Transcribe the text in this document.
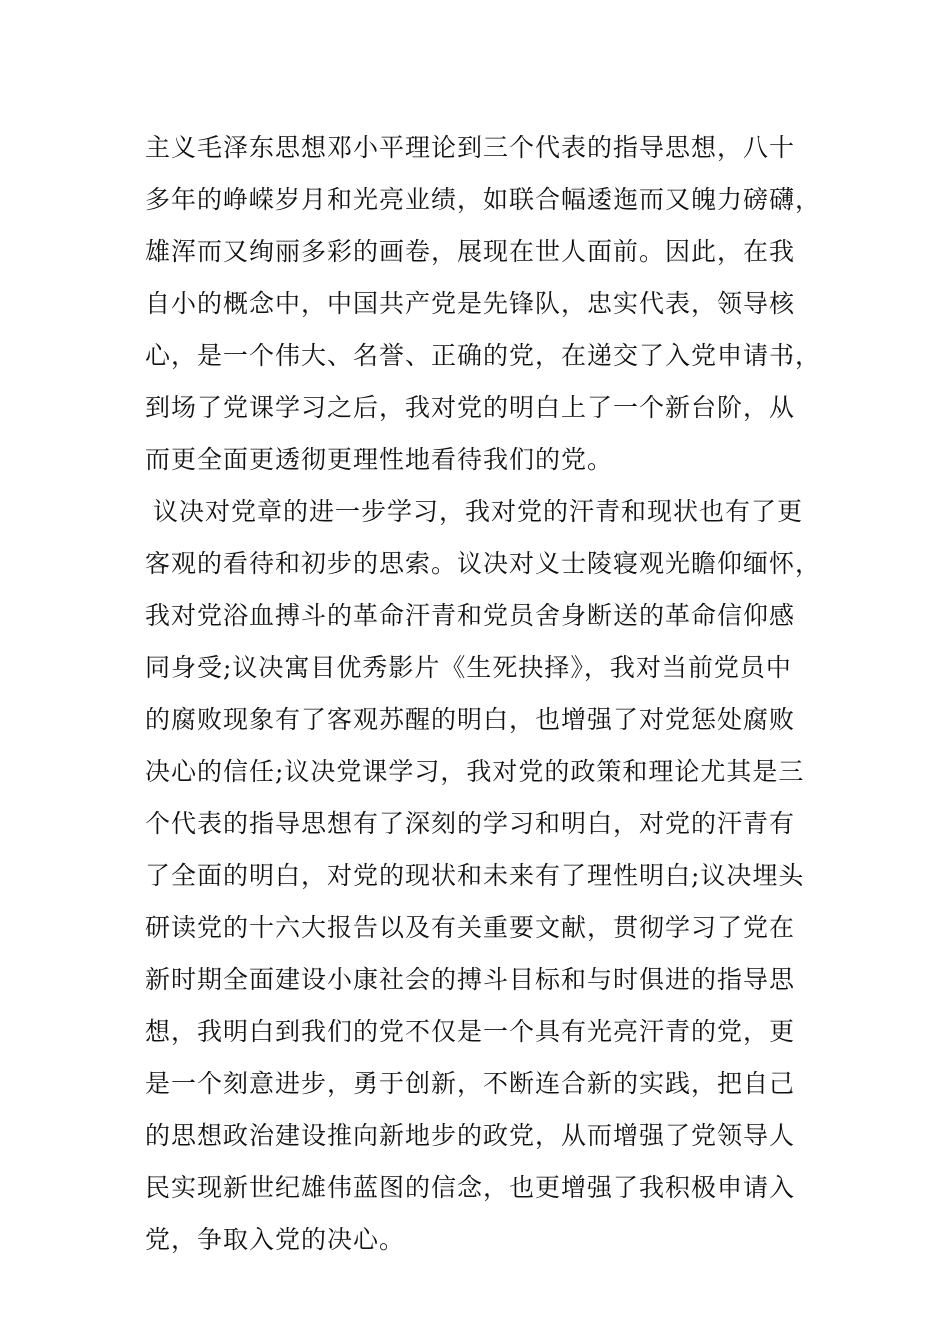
主义毛泽东思想邓小平理论到三个代表的指导思想，八十
多年的峥嵘岁月和光亮业绩，如联合幅逶迤而又魄力磅礴，
雄浑而又绚丽多彩的画卷，展现在世人面前。因此，在我
自小的概念中，中国共产党是先锋队，忠实代表，领导核
心，是一个伟大、名誉、正确的党，在递交了入党申请书，
到场了党课学习之后，我对党的明白上了一个新台阶，从
而更全面更透彻更理性地看待我们的党。
议决对党章的进一步学习，我对党的汗青和现状也有了更
客观的看待和初步的思索。议决对义士陵寝观光瞻仰缅怀，
我对党浴血搏斗的革命汗青和党员舍身断送的革命信仰感
同身受;议决寓目优秀影片《生死抉择》，我对当前党员中
的腐败现象有了客观苏醒的明白，也增强了对党惩处腐败
决心的信任;议决党课学习，我对党的政策和理论尤其是三
个代表的指导思想有了深刻的学习和明白，对党的汗青有
了全面的明白，对党的现状和未来有了理性明白;议决埋头
研读党的十六大报告以及有关重要文献，贯彻学习了党在
新时期全面建设小康社会的搏斗目标和与时俱进的指导思
想，我明白到我们的党不仅是一个具有光亮汗青的党，更
是一个刻意进步，勇于创新，不断连合新的实践，把自己
的思想政治建设推向新地步的政党，从而增强了党领导人
民实现新世纪雄伟蓝图的信念，也更增强了我积极申请入
党，争取入党的决心。
